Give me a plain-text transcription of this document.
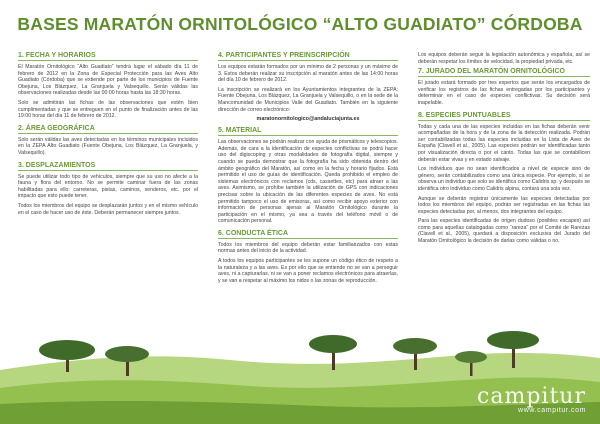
BASES MARATÓN ORNITOLÓGICO “ALTO GUADIATO” CÓRDOBA
1. FECHA Y HORARIOS

El Maratón Ornitológico “Alto Guadiato” tendrá lugar el sábado día 11 de febrero de 2012 en la Zona de Especial Protección para las Aves Alto Guadiato (Córdoba) que se extiende por parte de los municipios de Fuente Obejuna, Los Blázquez, La Granjuela y Valsequillo. Serán válidas las observaciones realizadas desde las 00:00 horas hasta las 18:30 horas.

Solo se admitirán las fichas de las observaciones que estén bien cumplimentadas y que se entreguen en el punto de finalización antes de las 19:00 horas del día 11 de febrero de 2012.

2. ÁREA GEOGRÁFICA

Solo serán válidas las aves detectadas en los términos municipales incluidos en la ZEPA Alto Guadiato (Fuente Obejuna, Los Blázquez, La Granjuela, y Valsequillo).

3. DESPLAZAMIENTOS

Se puede utilizar todo tipo de vehículos, siempre que su uso no afecte a la fauna y flora del entorno. No se permite caminar fuera de las zonas habilitadas para ello: carreteras, pistas, caminos, senderos, etc. por el impacto que esto puede tener.

Todos los miembros del equipo se desplazarán juntos y en el mismo vehículo en el caso de hacer uso de éste. Deberán permanecer siempre juntos.

4. PARTICIPANTES Y PREINSCRIPCIÓN

Los equipos estarán formados por un mínimo de 2 personas y un máximo de 3. Estos deberán realizar su inscripción al maratón antes de las 14:00 horas del día 10 de febrero de 2012.

La inscripción se realizará en los Ayuntamientos integrantes de la ZEPA: Fuente Obejuna, Los Blázquez, La Granjuela y Valsequillo, o en la sede de la Mancomunidad de Municipios Valle del Guadiato. También en la siguiente dirección de correo electrónico:

maratonornitologico@andaluciajunta.es
5. MATERIAL

Las observaciones se podrán realizar con ayuda de prismáticos y telescopios. Además, de cara a la identificación de especies conflictivas se podrá hacer uso del digiscoping y otras modalidades de fotografía digital, siempre y cuando se pueda demostrar que la fotografía ha sido obtenida dentro del ámbito geográfico del Maratón, así como en la fecha y horario fijados. Está permitido el uso de guías de identificación. Queda prohibido el empleo de sistemas electrónicos con reclamos (cds, cassettes, etc) para atraer a las aves. Asimismo, se prohíbe también la utilización de GPS con indicaciones precisas sobre la ubicación de las diferentes especies de aves. No está permitido tampoco el uso de emisoras, así como recibir apoyo exterior con información de personas ajenas al Maratón Ornitológico durante la participación en el mismo, ya sea a través del teléfono móvil o de comunicación personal.

6. CONDUCTA ÉTICA

Todos los miembros del equipo deberán estar familiarizados con estas normas antes del inicio de la actividad.

A todos los equipos participantes se les supone un código ético de respeto a la naturaleza y a las aves. Es por ello que se entiende no se van a perseguir aves, ni a capturarlas, ni se van a poner reclamos electrónicos para atraerlas, y se van a respetar al máximo los nidos o las zonas de reproducción.

Los equipos deberán seguir la legislación autonómica y española, así se deberán respetar los límites de velocidad, la propiedad privada, etc.

7. JURADO DEL MARATÓN ORNITOLÓGICO

El jurado estará formado por tres expertos que serán los encargados de verificar los registros de las fichas entregadas por los participantes y determinar en el caso de especies conflictivas. Su decisión será inapelable.

8. ESPECIES PUNTUABLES

Todas y cada una de las especies incluidas en las fichas deberán venir acompañadas de la hora y de la zona de la detección realizada. Podrán ser contabilizadas todas las especies incluidas en la Lista de Aves de España (Clavell et al., 2005). Las especies podrán ser identificadas tanto por visualización directa o por el canto. Todas las que se contabilicen deberán estar vivas y en estado salvaje.

Los individuos que no sean identificados a nivel de especie sino de género, serán contabilizados como una única especie. Por ejemplo, si se observa un individuo que solo se identifica como Calidris sp. y después se identifica otro individuo como Calidris alpina, contará una sola vez.

Aunque se deberán registrar únicamente las especies detectadas por todos los miembros del equipo, podrán ser registradas en las fichas las especies detectadas por, al menos, dos integrantes del equipo.

Para las especies identificadas de origen dudoso (posibles escapes) así como para aquellas catalogadas como “rareza” por el Comité de Rarezas (Clavell et al., 2005), quedará a disposición exclusiva del Jurado del Maratón Ornitológico la decisión de darlas como válidas o no.

campitur
www.campitur.com
